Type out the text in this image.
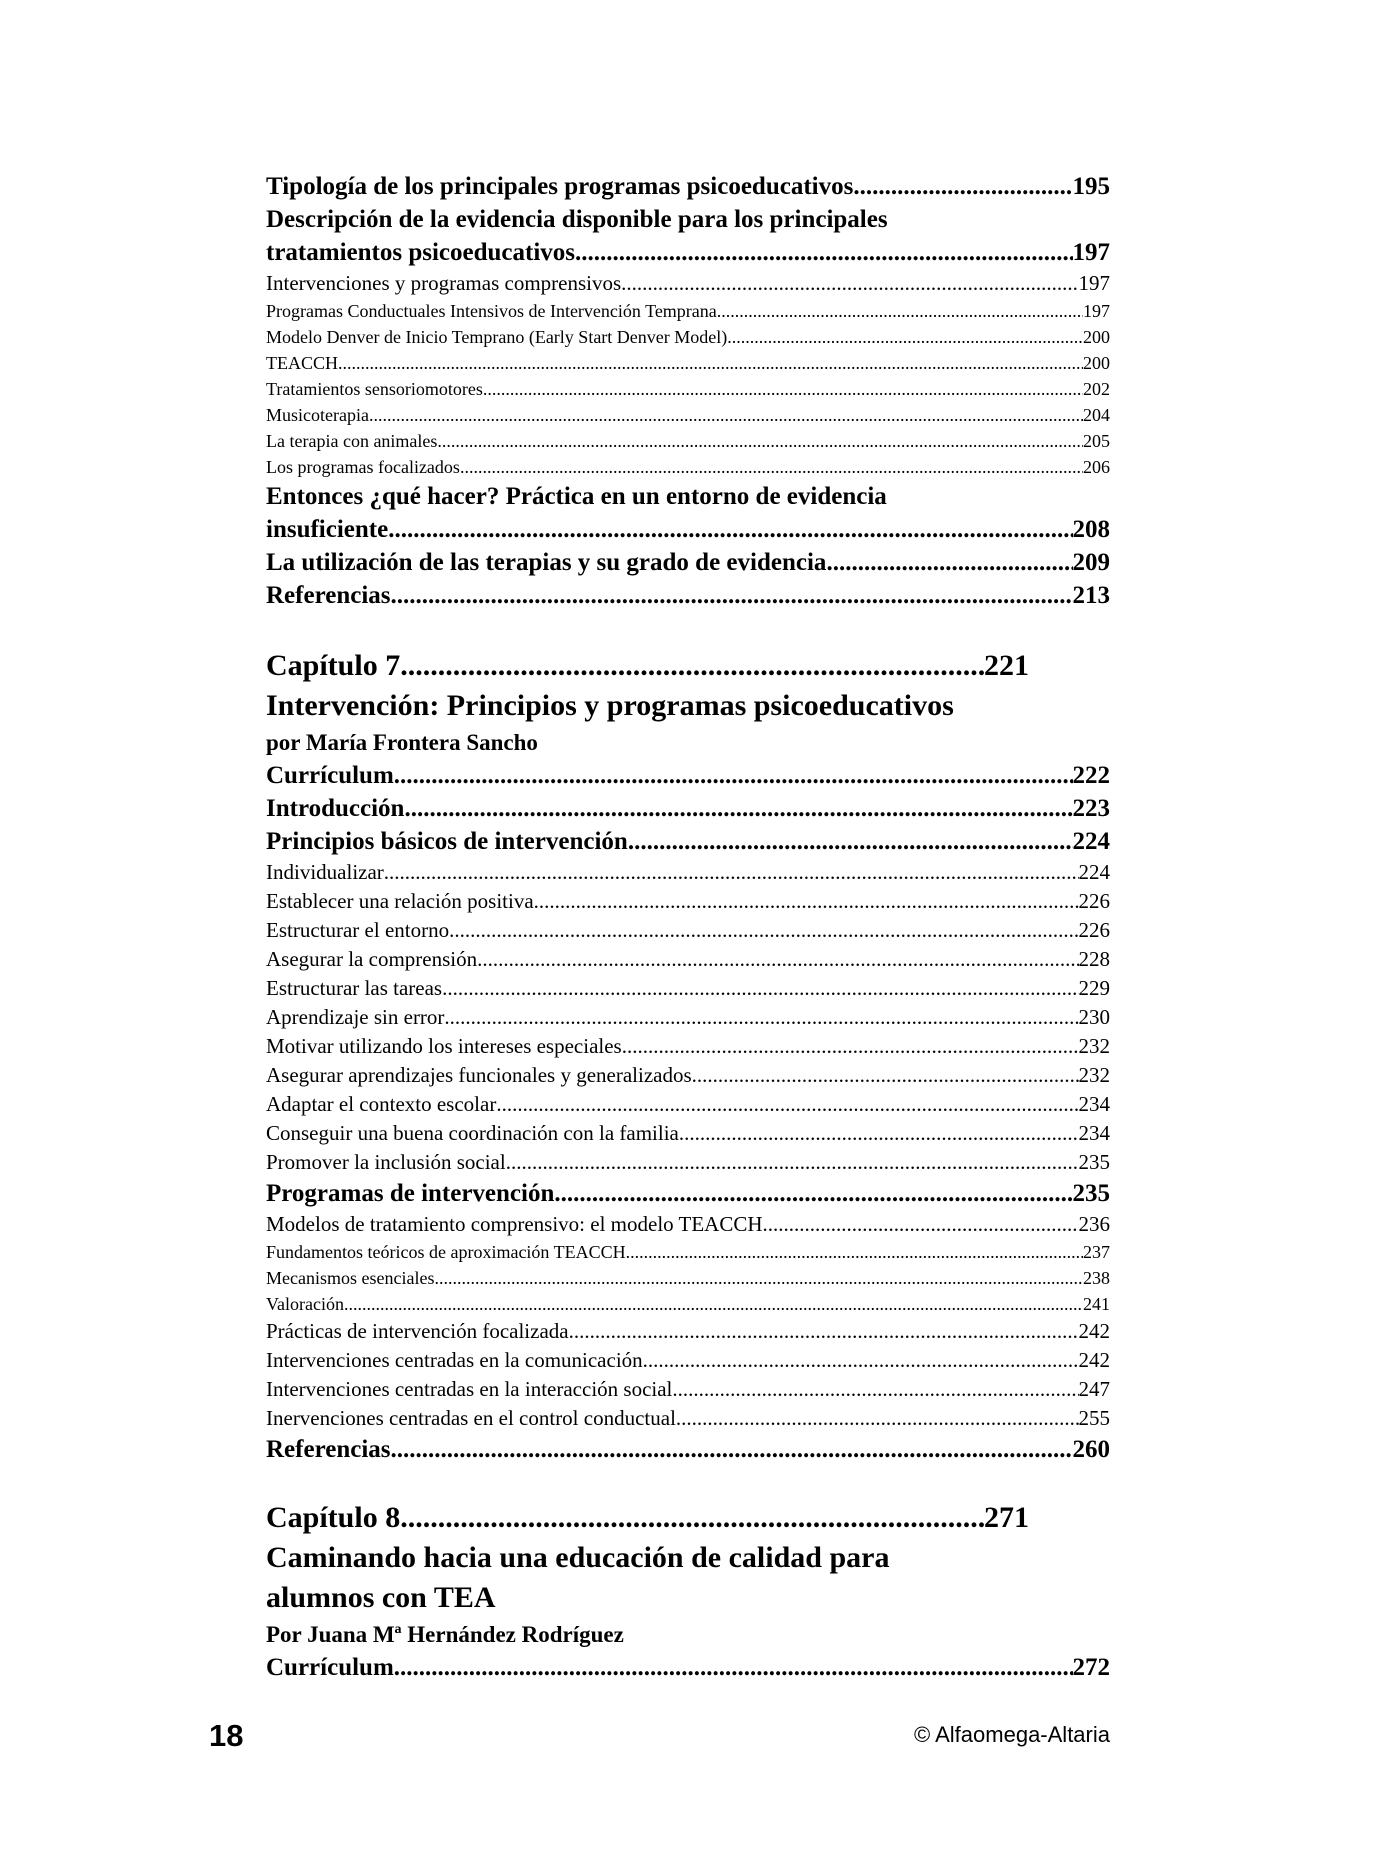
Tipología de los principales programas psicoeducativos .....	195
Descripción de la evidencia disponible para los principales
tratamientos psicoeducativos .....	197
Intervenciones y programas comprensivos .....	197
Programas Conductuales Intensivos de Intervención Temprana .....	197
Modelo Denver de Inicio Temprano (Early Start Denver Model) .....	200
TEACCH .....	200
Tratamientos sensoriomotores .....	202
Musicoterapia .....	204
La terapia con animales .....	205
Los programas focalizados .....	206
Entonces ¿qué hacer? Práctica en un entorno de evidencia
insuficiente .....	208
La utilización de las terapias y su grado de evidencia .....	209
Referencias .....	213
Capítulo 7 .....	221
Intervención: Principios y programas psicoeducativos
por María Frontera Sancho
Currículum .....	222
Introducción .....	223
Principios básicos de intervención .....	224
Individualizar .....	224
Establecer una relación positiva .....	226
Estructurar el entorno .....	226
Asegurar la comprensión .....	228
Estructurar las tareas .....	229
Aprendizaje sin error .....	230
Motivar utilizando los intereses especiales .....	232
Asegurar aprendizajes funcionales y generalizados .....	232
Adaptar el contexto escolar .....	234
Conseguir una buena coordinación con la familia .....	234
Promover la inclusión social .....	235
Programas de intervención .....	235
Modelos de tratamiento comprensivo: el modelo TEACCH .....	236
Fundamentos teóricos de aproximación TEACCH .....	237
Mecanismos esenciales .....	238
Valoración .....	241
Prácticas de intervención focalizada .....	242
Intervenciones centradas en la comunicación .....	242
Intervenciones centradas en la interacción social .....	247
Inervenciones centradas en el control conductual .....	255
Referencias .....	260
Capítulo 8 .....	271
Caminando hacia una educación de calidad para
alumnos con TEA
Por Juana Mª Hernández Rodríguez
Currículum .....	272
18	© Alfaomega-Altaria
